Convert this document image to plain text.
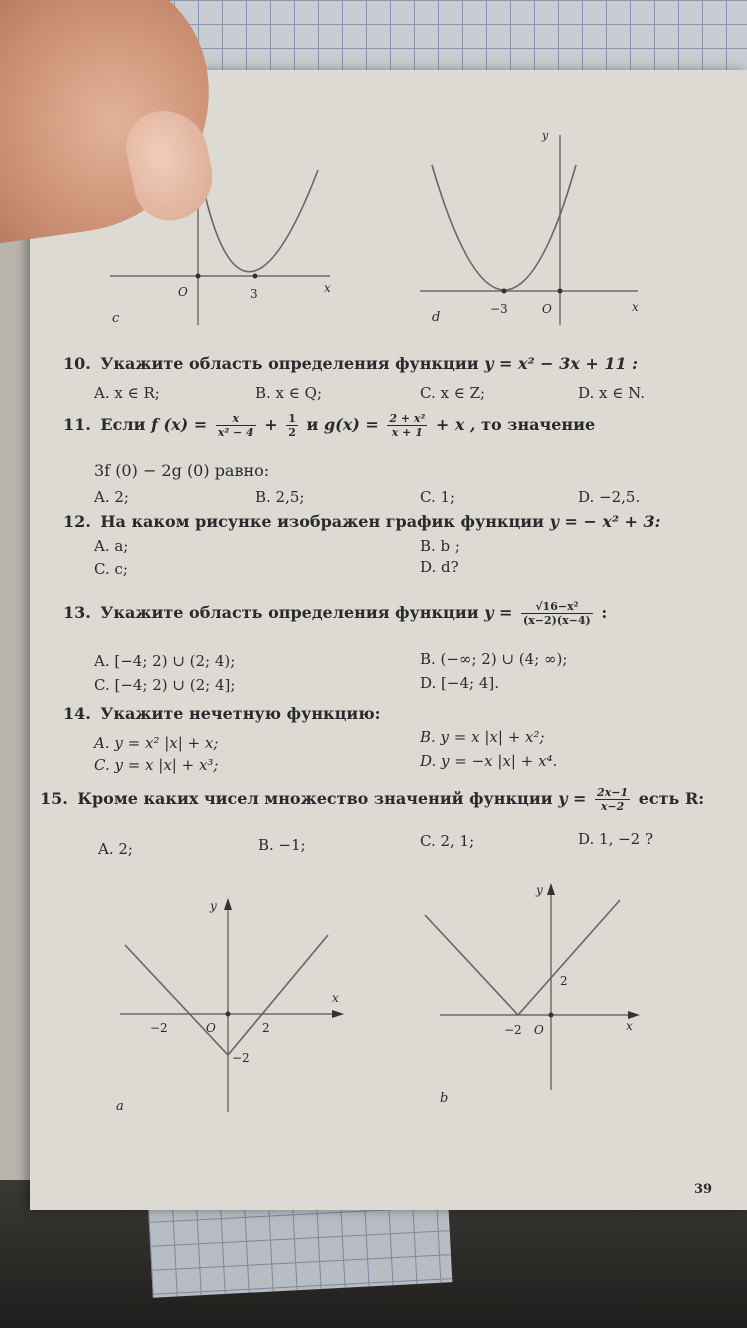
O	3	x
c
y
−3	O	x
d
10. Укажите область определения функции y = x² − 3x + 11 :
A. x ∈ R;	B. x ∈ Q;	C. x ∈ Z;	D. x ∈ N.
11. Если f $(x) = \frac{x}{\text{x² − 4}} + \frac{1}{2}$ и $g(x) = \frac{\text{2 + x²}}{x + 1} + x$ , то значение
3f (0) − 2g (0) равно:
A. 2;	B. 2,5;	C. 1;	D. −2,5.
12. На каком рисунке изображен график функции y = − x² + 3:
A. a;	B. b ;
C. c;	D. d?
13. Укажите область определения функции $y = \frac{\text{√16−x²}}{(x-2)(x-4)}$ :
A. [−4; 2) ∪ (2; 4);	B. (−∞; 2) ∪ (4; ∞);
C. [−4; 2) ∪ (2; 4];	D. [−4; 4].
14. Укажите нечетную функцию:
A. y = x² |x| + x;	B. y = x |x| + x²;
C. y = x |x| + x³;	D. y = −x |x| + x⁴.
15. Кроме каких чисел множество значений функции $y = \frac{2x-1}{x-2}$ есть R:
A. 2;	B. −1;	C. 2, 1;	D. 1, −2 ?
y
−2	O	2
−2
x
a
y
2
−2 O	x
b
39
